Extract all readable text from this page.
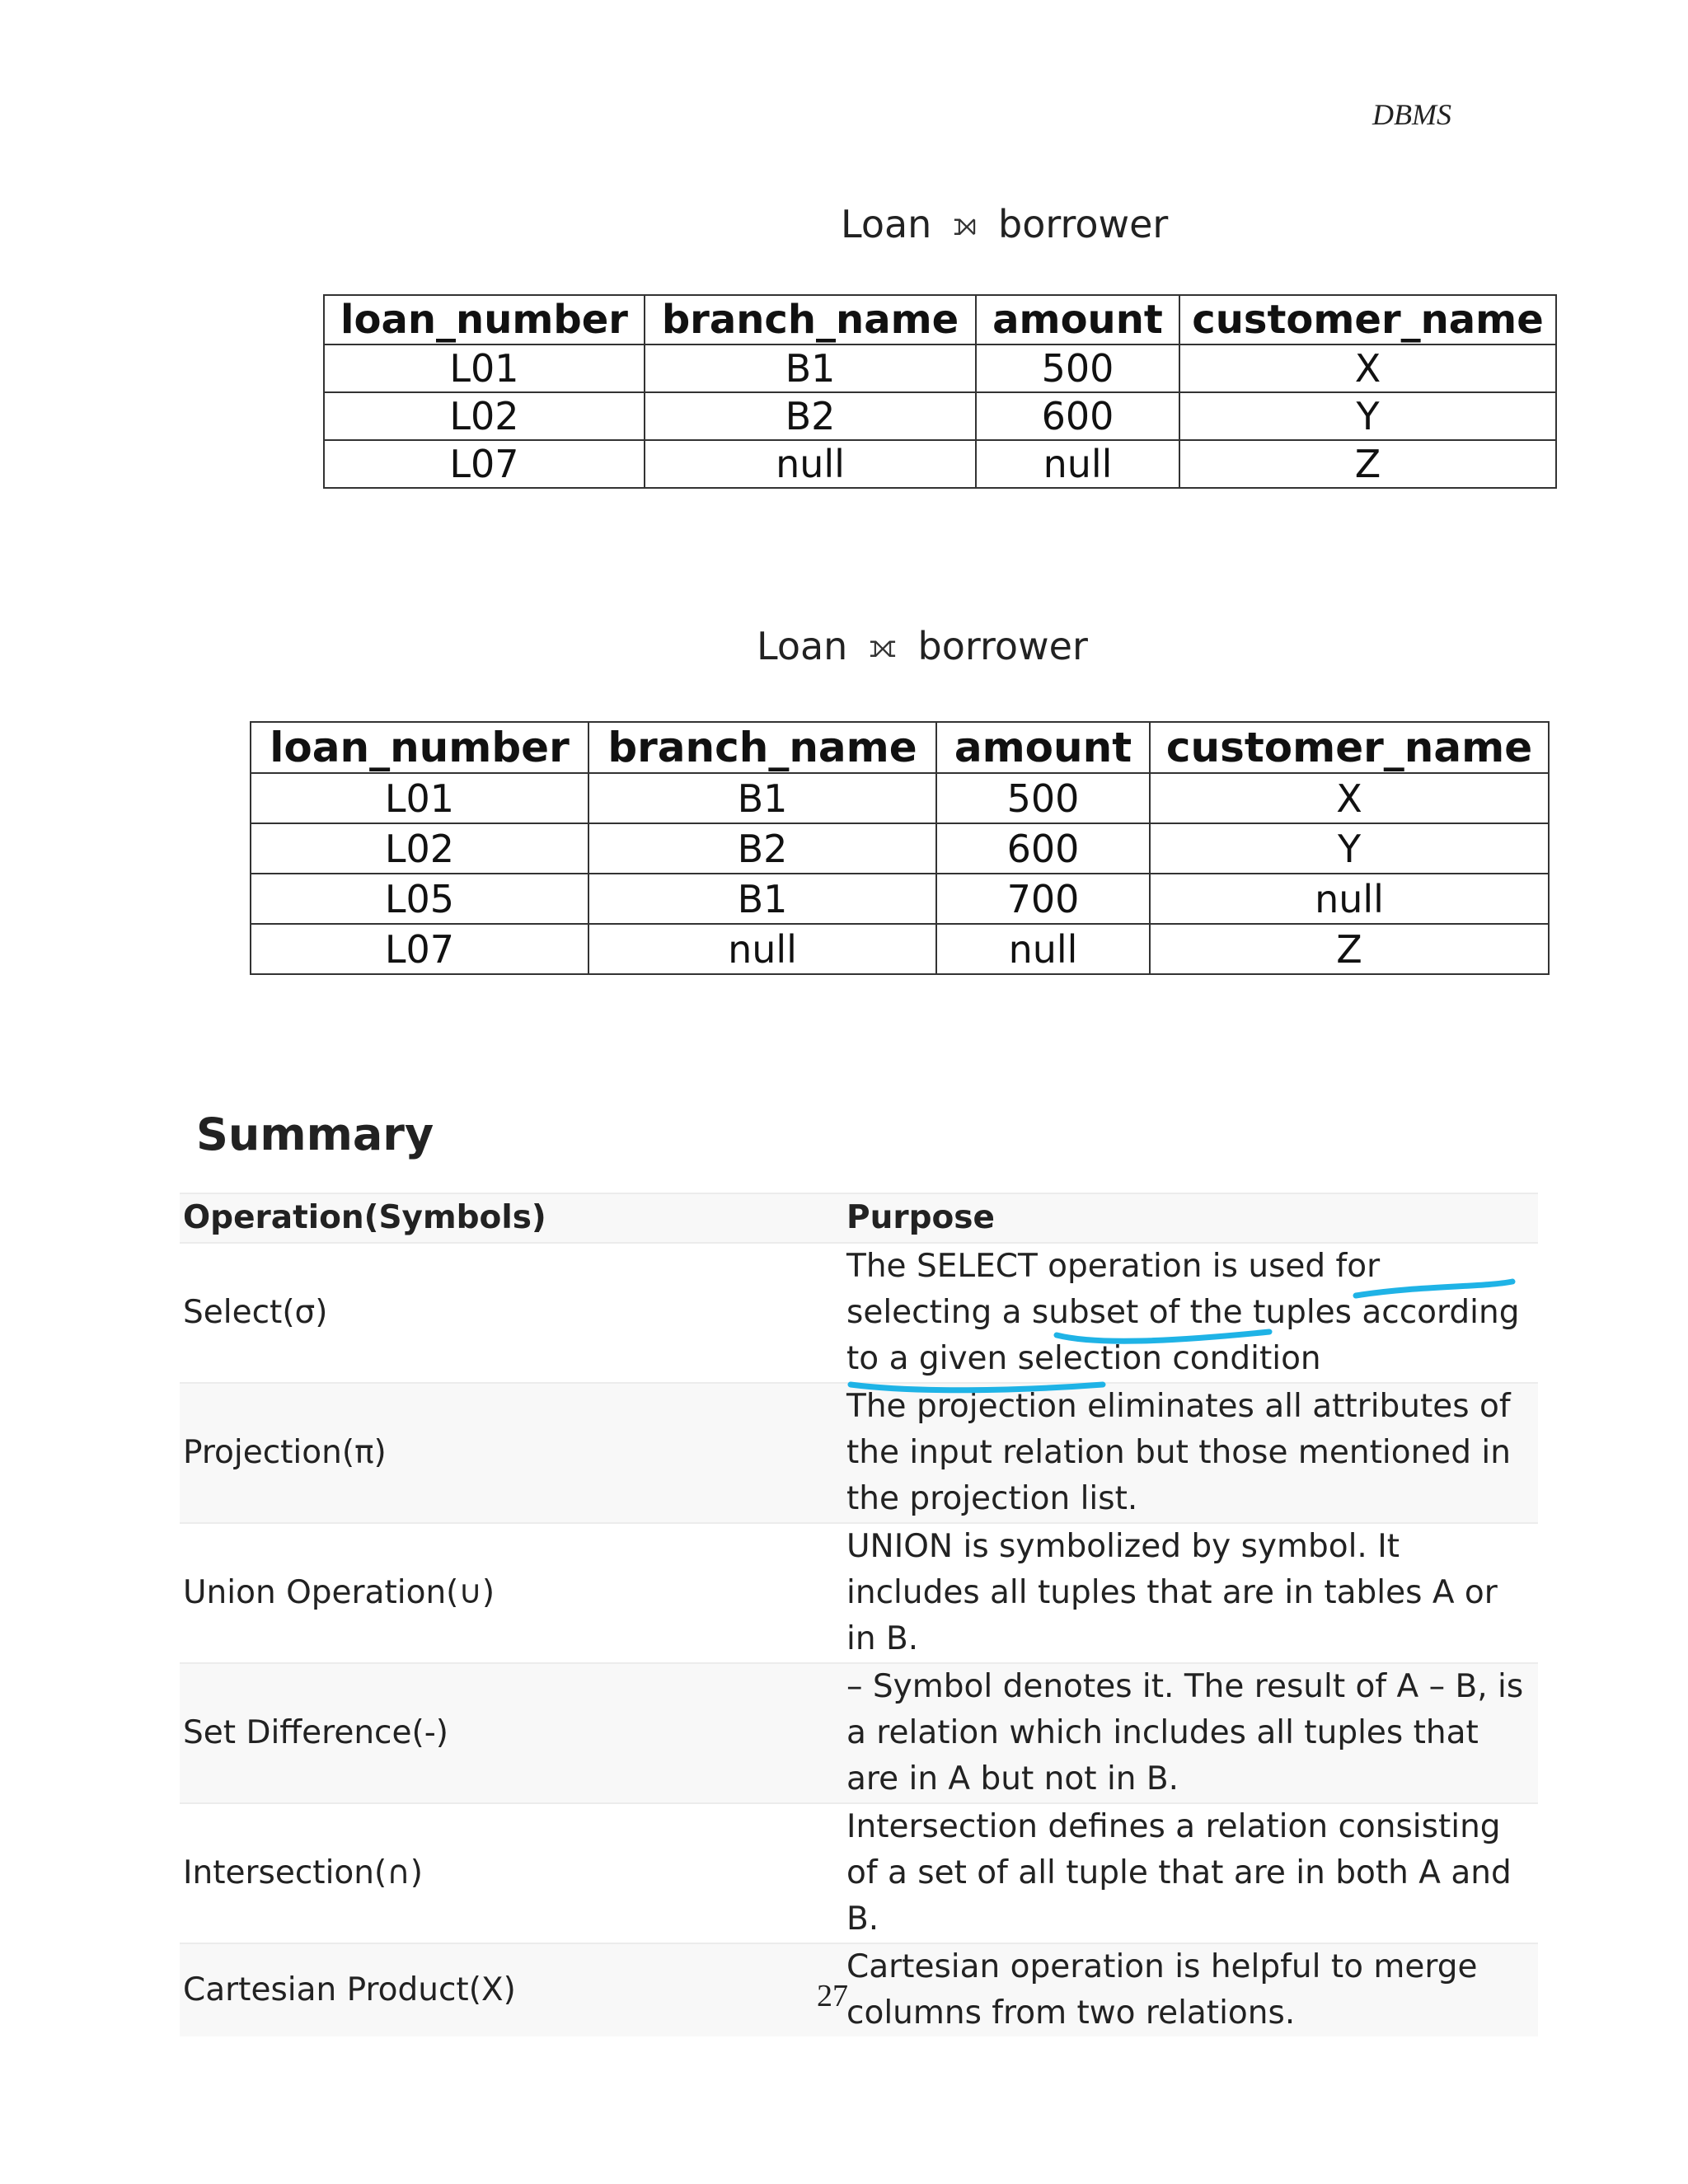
DBMS
Loan ⟕ borrower
loan_number	branch_name	amount	customer_name
L01	B1	500	X
L02	B2	600	Y
L07	null	null	Z
Loan ⟗ borrower
loan_number	branch_name	amount	customer_name
L01	B1	500	X
L02	B2	600	Y
L05	B1	700	null
L07	null	null	Z
Summary
Operation(Symbols)	Purpose
Select(σ)	The SELECT operation is used for selecting a subset of the tuples according to a given selection condition
Projection(π)	The projection eliminates all attributes of the input relation but those mentioned in the projection list.
Union Operation(∪)	UNION is symbolized by symbol. It includes all tuples that are in tables A or in B.
Set Difference(-)	– Symbol denotes it. The result of A – B, is a relation which includes all tuples that are in A but not in B.
Intersection(∩)	Intersection defines a relation consisting of a set of all tuple that are in both A and B.
Cartesian Product(X)	Cartesian operation is helpful to merge columns from two relations.
27
